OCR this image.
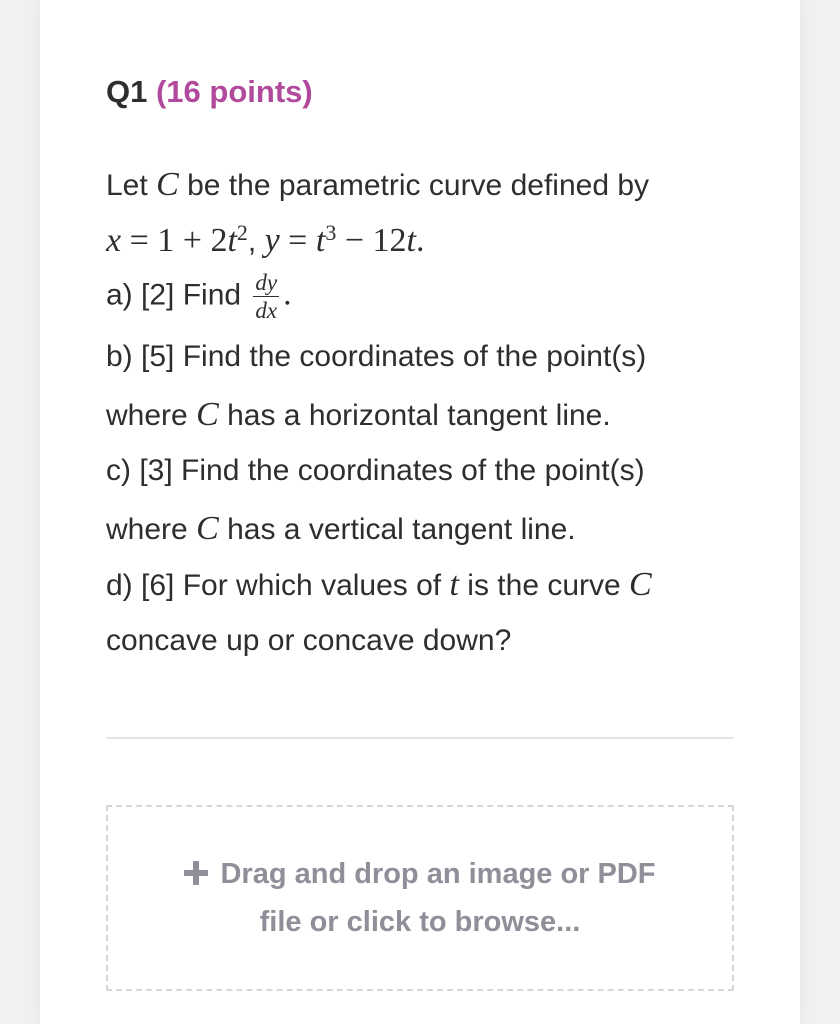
Q1 (16 points)
Let C be the parametric curve defined by
$x = 1 + 2t^2$, $y = t^3 - 12t$.
a) [2] Find $\frac{dy}{dx}$ .
b) [5] Find the coordinates of the point(s)
where C has a horizontal tangent line.
c) [3] Find the coordinates of the point(s)
where C has a vertical tangent line.
d) [6] For which values of t is the curve C
concave up or concave down?
Drag and drop an image or PDF
file or click to browse...
